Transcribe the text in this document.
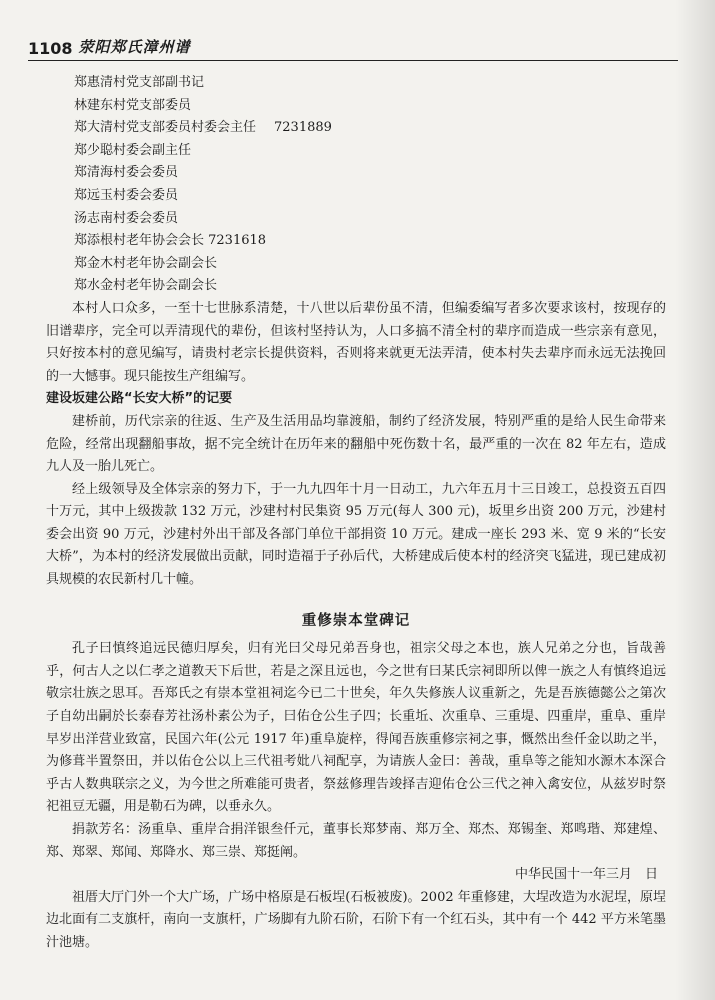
1108 荥阳郑氏漳州谱
郑惠清村党支部副书记
林建东村党支部委员
郑大清村党支部委员村委会主任 7231889
郑少聪村委会副主任
郑清海村委会委员
郑远玉村委会委员
汤志南村委会委员
郑添根村老年协会会长 7231618
郑金木村老年协会副会长
郑水金村老年协会副会长
本村人口众多，一至十七世脉系清楚，十八世以后辈份虽不清，但编委编写者多次要求该村，按现存的旧谱辈序，完全可以弄清现代的辈份，但该村坚持认为，人口多搞不清全村的辈序而造成一些宗亲有意见，只好按本村的意见编写，请贵村老宗长提供资料，否则将来就更无法弄清，使本村失去辈序而永远无法挽回的一大憾事。现只能按生产组编写。
建设坂建公路“长安大桥”的记要
建桥前，历代宗亲的往返、生产及生活用品均靠渡船，制约了经济发展，特别严重的是给人民生命带来危险，经常出现翻船事故，据不完全统计在历年来的翻船中死伤数十名，最严重的一次在 82 年左右，造成九人及一胎儿死亡。
经上级领导及全体宗亲的努力下，于一九九四年十月一日动工，九六年五月十三日竣工，总投资五百四十万元，其中上级拨款 132 万元，沙建村村民集资 95 万元(每人 300 元)，坂里乡出资 200 万元，沙建村委会出资 90 万元，沙建村外出干部及各部门单位干部捐资 10 万元。建成一座长 293 米、宽 9 米的“长安大桥”，为本村的经济发展做出贡献，同时造福于子孙后代，大桥建成后使本村的经济突飞猛进，现已建成初具规模的农民新村几十幢。
重修崇本堂碑记
孔子曰慎终追远民德归厚矣，归有光曰父母兄弟吾身也，祖宗父母之本也，族人兄弟之分也，旨哉善乎，何古人之以仁孝之道教天下后世，若是之深且远也，今之世有曰某氏宗祠即所以俾一族之人有慎终追远敬宗壮族之思耳。吾郑氏之有崇本堂祖祠迄今已二十世矣，年久失修族人议重新之，先是吾族德懿公之第次子自幼出嗣於长泰春芳社汤朴素公为子，曰佑仓公生子四；长重坵、次重阜、三重堤、四重岸，重阜、重岸早岁出洋营业致富，民国六年(公元 1917 年)重阜旋梓，得闻吾族重修宗祠之事，慨然出叁仟金以助之半，为修葺半置祭田，并以佑仓公以上三代祖考妣八祠配享，为请族人金曰：善哉，重阜等之能知水源木本深合乎古人数典联宗之义，为今世之所难能可贵者，祭兹修理告竣择吉迎佑仓公三代之神入禽安位，从兹岁时祭祀祖豆无疆，用是勒石为碑，以垂永久。
捐款芳名：汤重阜、重岸合捐洋银叁仟元，董事长郑梦南、郑万全、郑杰、郑锡奎、郑鸣瑎、郑建煌、郑、郑翠、郑闻、郑降水、郑三崇、郑挺阐。
中华民国十一年三月　日
祖厝大厅门外一个大广场，广场中格原是石板埕(石板被废)。2002 年重修建，大埕改造为水泥埕，原埕边北面有二支旗杆，南向一支旗杆，广场脚有九阶石阶，石阶下有一个红石头，其中有一个 442 平方米笔墨汁池塘。
